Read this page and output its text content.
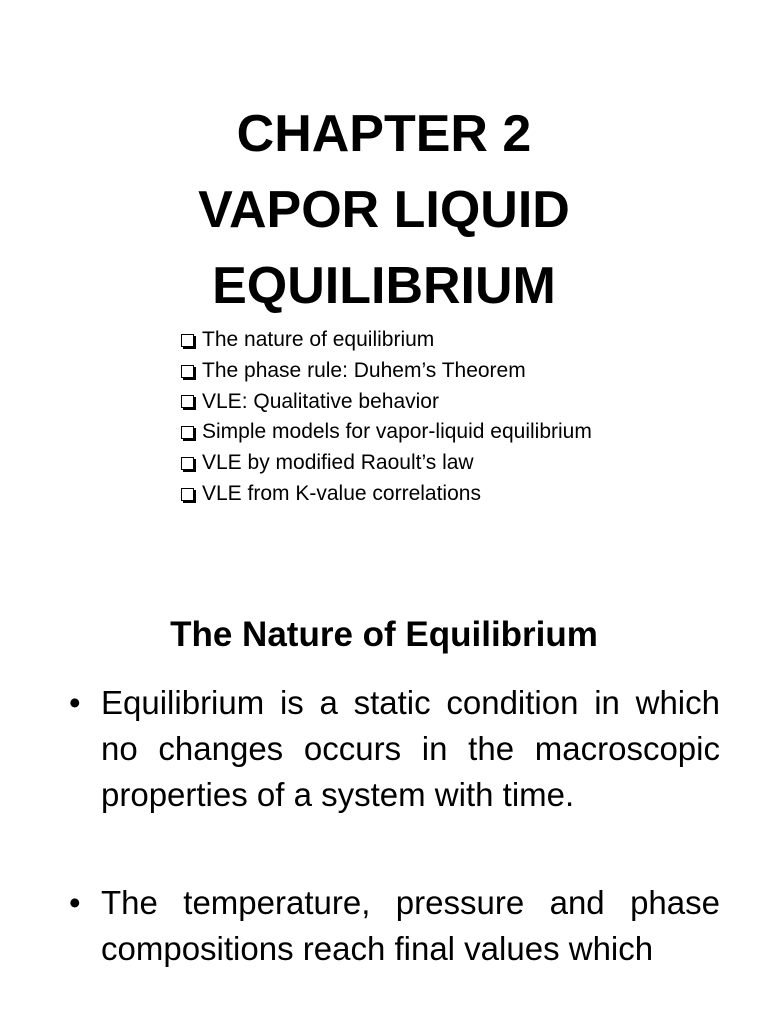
CHAPTER 2
VAPOR LIQUID
EQUILIBRIUM
The nature of equilibrium
The phase rule: Duhem’s Theorem
VLE: Qualitative behavior
Simple models for vapor-liquid equilibrium
VLE by modified Raoult’s law
VLE from K-value correlations
The Nature of Equilibrium
• Equilibrium is a static condition in which no changes occurs in the macroscopic properties of a system with time.
• The temperature, pressure and phase compositions reach final values which
